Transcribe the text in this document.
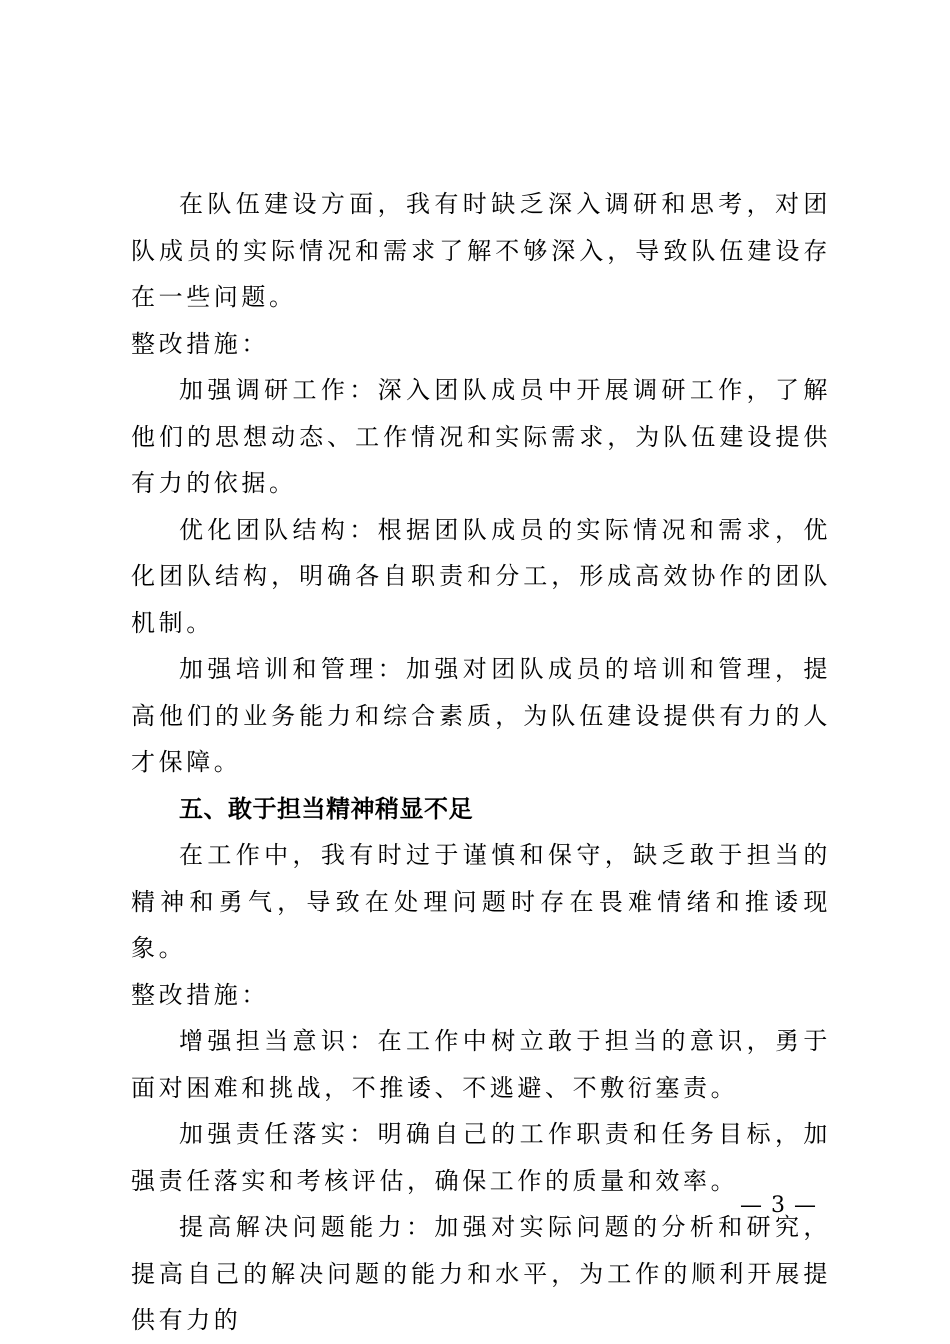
在队伍建设方面，我有时缺乏深入调研和思考，对团队成员的实际情况和需求了解不够深入，导致队伍建设存在一些问题。

整改措施：

加强调研工作：深入团队成员中开展调研工作，了解他们的思想动态、工作情况和实际需求，为队伍建设提供有力的依据。

优化团队结构：根据团队成员的实际情况和需求，优化团队结构，明确各自职责和分工，形成高效协作的团队机制。

加强培训和管理：加强对团队成员的培训和管理，提高他们的业务能力和综合素质，为队伍建设提供有力的人才保障。

五、敢于担当精神稍显不足

在工作中，我有时过于谨慎和保守，缺乏敢于担当的精神和勇气，导致在处理问题时存在畏难情绪和推诿现象。

整改措施：

增强担当意识：在工作中树立敢于担当的意识，勇于面对困难和挑战，不推诿、不逃避、不敷衍塞责。

加强责任落实：明确自己的工作职责和任务目标，加强责任落实和考核评估，确保工作的质量和效率。

提高解决问题能力：加强对实际问题的分析和研究，提高自己的解决问题的能力和水平，为工作的顺利开展提供有力的

— 3 —
